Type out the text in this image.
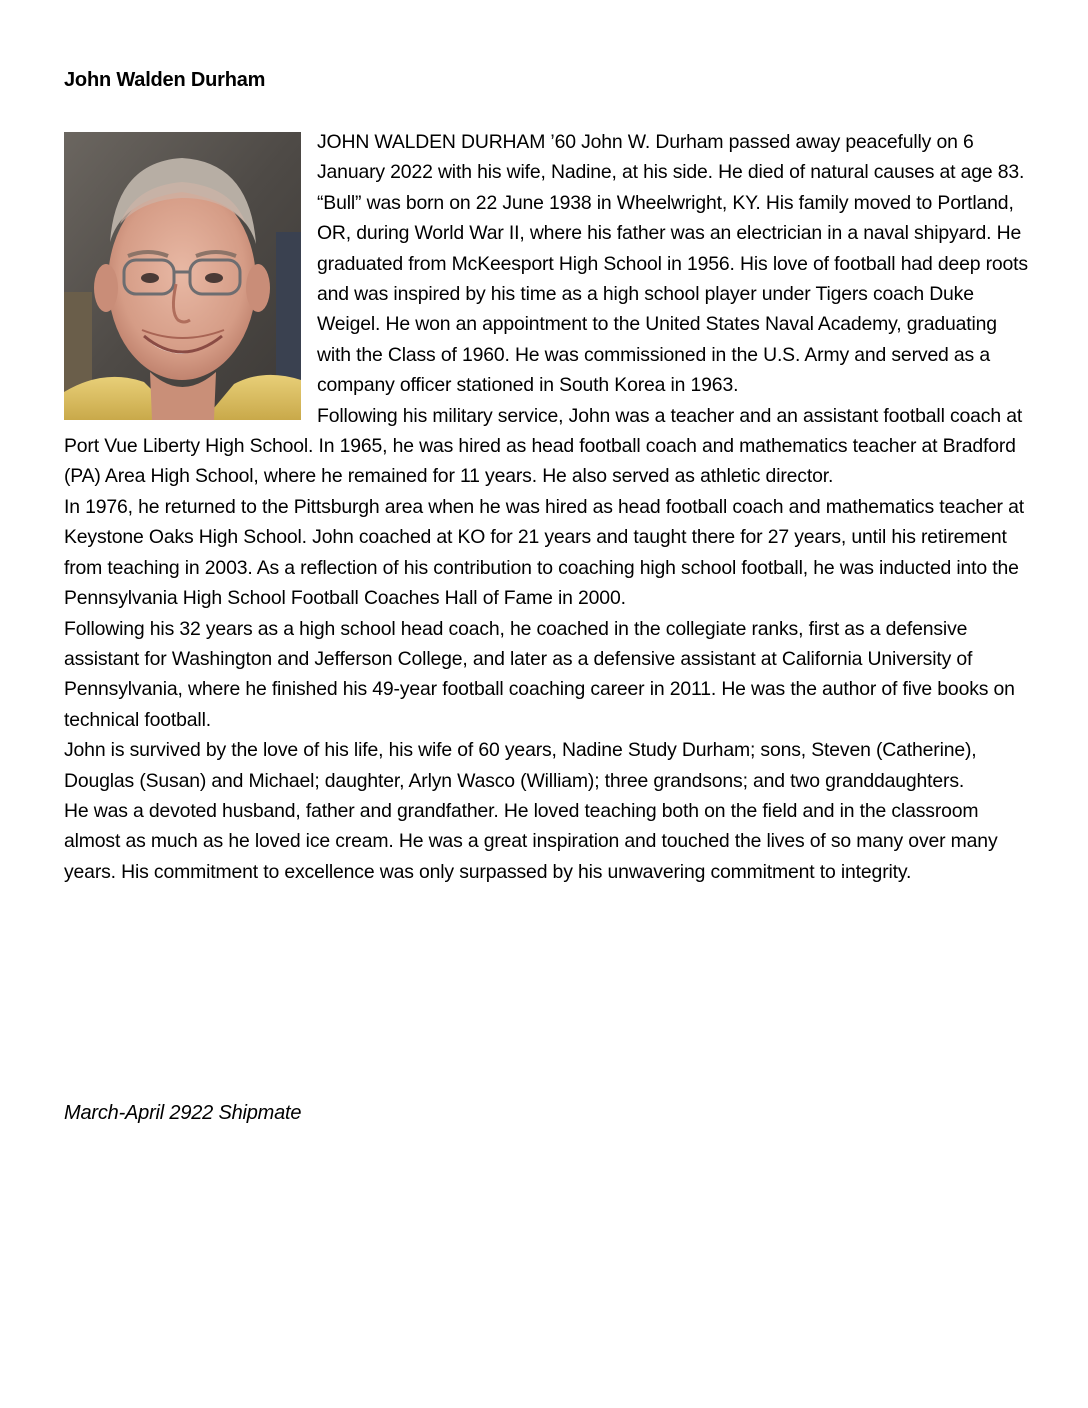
John Walden Durham

JOHN WALDEN DURHAM ’60 John W. Durham passed away peacefully on 6 January 2022 with his wife, Nadine, at his side. He died of natural causes at age 83.

“Bull” was born on 22 June 1938 in Wheelwright, KY. His family moved to Portland, OR, during World War II, where his father was an electrician in a naval shipyard. He graduated from McKeesport High School in 1956. His love of football had deep roots and was inspired by his time as a high school player under Tigers coach Duke Weigel. He won an appointment to the United States Naval Academy, graduating with the Class of 1960. He was commissioned in the U.S. Army and served as a company officer stationed in South Korea in 1963.

Following his military service, John was a teacher and an assistant football coach at Port Vue Liberty High School. In 1965, he was hired as head football coach and mathematics teacher at Bradford (PA) Area High School, where he remained for 11 years. He also served as athletic director.

In 1976, he returned to the Pittsburgh area when he was hired as head football coach and mathematics teacher at Keystone Oaks High School. John coached at KO for 21 years and taught there for 27 years, until his retirement from teaching in 2003. As a reflection of his contribution to coaching high school football, he was inducted into the Pennsylvania High School Football Coaches Hall of Fame in 2000.

Following his 32 years as a high school head coach, he coached in the collegiate ranks, first as a defensive assistant for Washington and Jefferson College, and later as a defensive assistant at California University of Pennsylvania, where he finished his 49-year football coaching career in 2011. He was the author of five books on technical football.

John is survived by the love of his life, his wife of 60 years, Nadine Study Durham; sons, Steven (Catherine), Douglas (Susan) and Michael; daughter, Arlyn Wasco (William); three grandsons; and two granddaughters.

He was a devoted husband, father and grandfather. He loved teaching both on the field and in the classroom almost as much as he loved ice cream. He was a great inspiration and touched the lives of so many over many years. His commitment to excellence was only surpassed by his unwavering commitment to integrity.

March-April 2922 Shipmate
